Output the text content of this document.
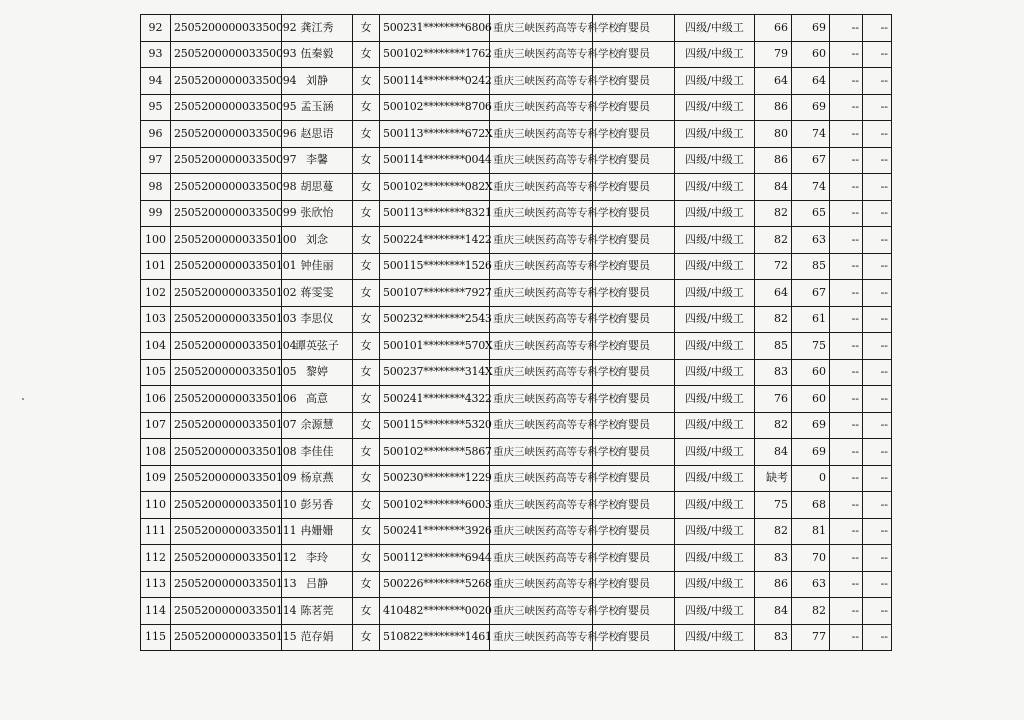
92	250520000003350092	龚江秀	女	500231********6806	重庆三峡医药高等专科学校	育婴员	四级/中级工	66	69	--	--
93	250520000003350093	伍秦毅	女	500102********1762	重庆三峡医药高等专科学校	育婴员	四级/中级工	79	60	--	--
94	250520000003350094	刘静	女	500114********0242	重庆三峡医药高等专科学校	育婴员	四级/中级工	64	64	--	--
95	250520000003350095	孟玉涵	女	500102********8706	重庆三峡医药高等专科学校	育婴员	四级/中级工	86	69	--	--
96	250520000003350096	赵思语	女	500113********672X	重庆三峡医药高等专科学校	育婴员	四级/中级工	80	74	--	--
97	250520000003350097	李馨	女	500114********0044	重庆三峡医药高等专科学校	育婴员	四级/中级工	86	67	--	--
98	250520000003350098	胡思蔓	女	500102********082X	重庆三峡医药高等专科学校	育婴员	四级/中级工	84	74	--	--
99	250520000003350099	张欣怡	女	500113********8321	重庆三峡医药高等专科学校	育婴员	四级/中级工	82	65	--	--
100	250520000003350100	刘念	女	500224********1422	重庆三峡医药高等专科学校	育婴员	四级/中级工	82	63	--	--
101	250520000003350101	钟佳丽	女	500115********1526	重庆三峡医药高等专科学校	育婴员	四级/中级工	72	85	--	--
102	250520000003350102	蒋雯雯	女	500107********7927	重庆三峡医药高等专科学校	育婴员	四级/中级工	64	67	--	--
103	250520000003350103	李思仪	女	500232********2543	重庆三峡医药高等专科学校	育婴员	四级/中级工	82	61	--	--
104	250520000003350104	谭英弦子	女	500101********570X	重庆三峡医药高等专科学校	育婴员	四级/中级工	85	75	--	--
105	250520000003350105	黎婷	女	500237********314X	重庆三峡医药高等专科学校	育婴员	四级/中级工	83	60	--	--
106	250520000003350106	高意	女	500241********4322	重庆三峡医药高等专科学校	育婴员	四级/中级工	76	60	--	--
107	250520000003350107	余源慧	女	500115********5320	重庆三峡医药高等专科学校	育婴员	四级/中级工	82	69	--	--
108	250520000003350108	李佳佳	女	500102********5867	重庆三峡医药高等专科学校	育婴员	四级/中级工	84	69	--	--
109	250520000003350109	杨京燕	女	500230********1229	重庆三峡医药高等专科学校	育婴员	四级/中级工	缺考	0	--	--
110	250520000003350110	彭另香	女	500102********6003	重庆三峡医药高等专科学校	育婴员	四级/中级工	75	68	--	--
111	250520000003350111	冉姗姗	女	500241********3926	重庆三峡医药高等专科学校	育婴员	四级/中级工	82	81	--	--
112	250520000003350112	李玲	女	500112********6944	重庆三峡医药高等专科学校	育婴员	四级/中级工	83	70	--	--
113	250520000003350113	吕静	女	500226********5268	重庆三峡医药高等专科学校	育婴员	四级/中级工	86	63	--	--
114	250520000003350114	陈茗莞	女	410482********0020	重庆三峡医药高等专科学校	育婴员	四级/中级工	84	82	--	--
115	250520000003350115	范存娟	女	510822********1461	重庆三峡医药高等专科学校	育婴员	四级/中级工	83	77	--	--
